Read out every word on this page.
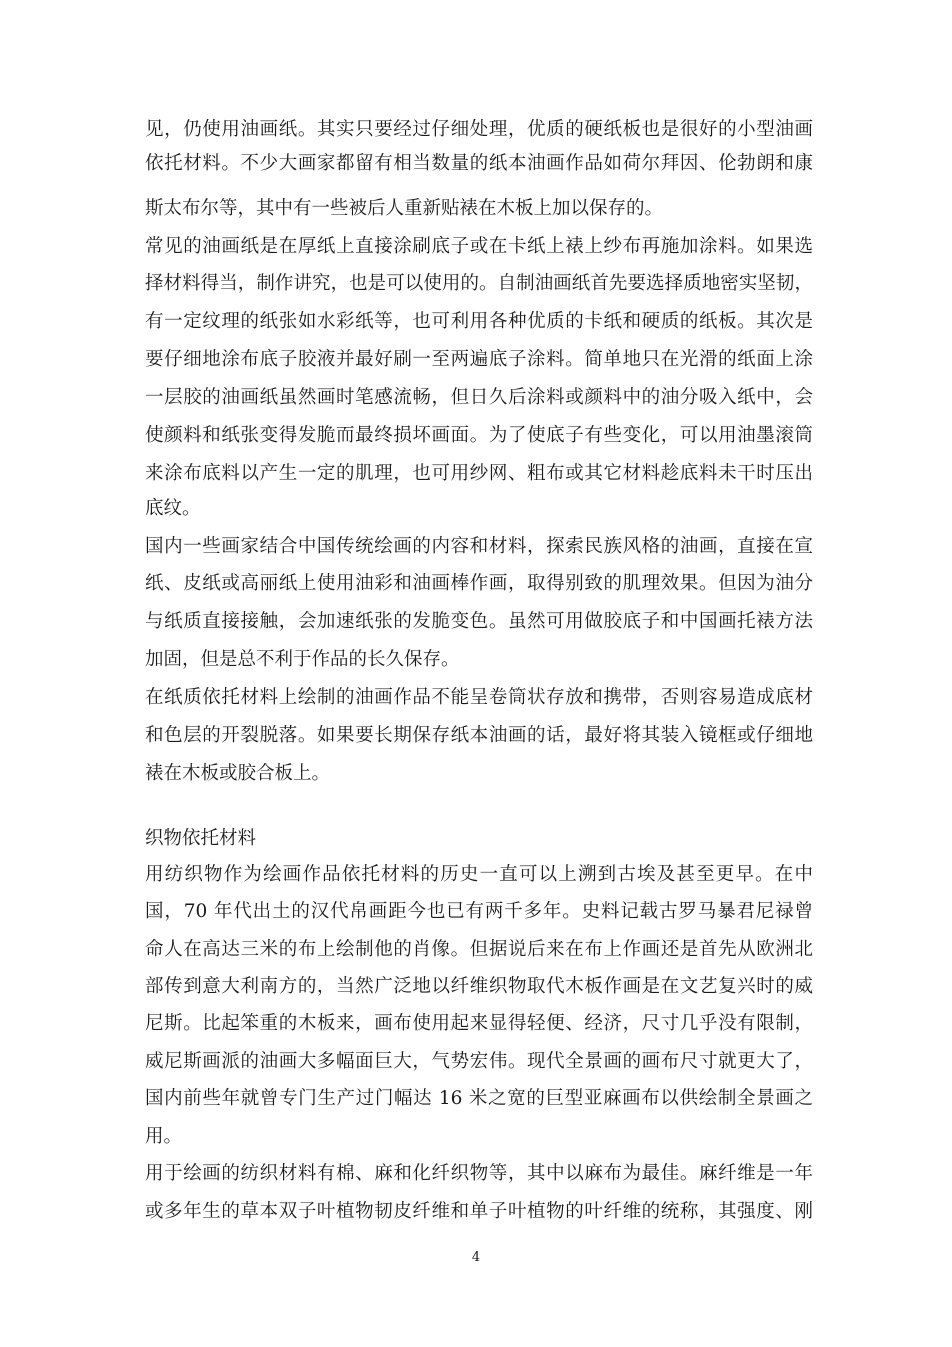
见，仍使用油画纸。其实只要经过仔细处理，优质的硬纸板也是很好的小型油画
依托材料。不少大画家都留有相当数量的纸本油画作品如荷尔拜因、伦勃朗和康
斯太布尔等，其中有一些被后人重新贴裱在木板上加以保存的。
常见的油画纸是在厚纸上直接涂刷底子或在卡纸上裱上纱布再施加涂料。如果选
择材料得当，制作讲究，也是可以使用的。自制油画纸首先要选择质地密实坚韧，
有一定纹理的纸张如水彩纸等，也可利用各种优质的卡纸和硬质的纸板。其次是
要仔细地涂布底子胶液并最好刷一至两遍底子涂料。简单地只在光滑的纸面上涂
一层胶的油画纸虽然画时笔感流畅，但日久后涂料或颜料中的油分吸入纸中，会
使颜料和纸张变得发脆而最终损坏画面。为了使底子有些变化，可以用油墨滚筒
来涂布底料以产生一定的肌理，也可用纱网、粗布或其它材料趁底料未干时压出
底纹。
国内一些画家结合中国传统绘画的内容和材料，探索民族风格的油画，直接在宣
纸、皮纸或高丽纸上使用油彩和油画棒作画，取得别致的肌理效果。但因为油分
与纸质直接接触，会加速纸张的发脆变色。虽然可用做胶底子和中国画托裱方法
加固，但是总不利于作品的长久保存。
在纸质依托材料上绘制的油画作品不能呈卷筒状存放和携带，否则容易造成底材
和色层的开裂脱落。如果要长期保存纸本油画的话，最好将其装入镜框或仔细地
裱在木板或胶合板上。
织物依托材料
用纺织物作为绘画作品依托材料的历史一直可以上溯到古埃及甚至更早。在中
国，70 年代出土的汉代帛画距今也已有两千多年。史料记载古罗马暴君尼禄曾
命人在高达三米的布上绘制他的肖像。但据说后来在布上作画还是首先从欧洲北
部传到意大利南方的，当然广泛地以纤维织物取代木板作画是在文艺复兴时的威
尼斯。比起笨重的木板来，画布使用起来显得轻便、经济，尺寸几乎没有限制，
威尼斯画派的油画大多幅面巨大，气势宏伟。现代全景画的画布尺寸就更大了，
国内前些年就曾专门生产过门幅达 16 米之宽的巨型亚麻画布以供绘制全景画之
用。
用于绘画的纺织材料有棉、麻和化纤织物等，其中以麻布为最佳。麻纤维是一年
或多年生的草本双子叶植物韧皮纤维和单子叶植物的叶纤维的统称，其强度、刚
4
